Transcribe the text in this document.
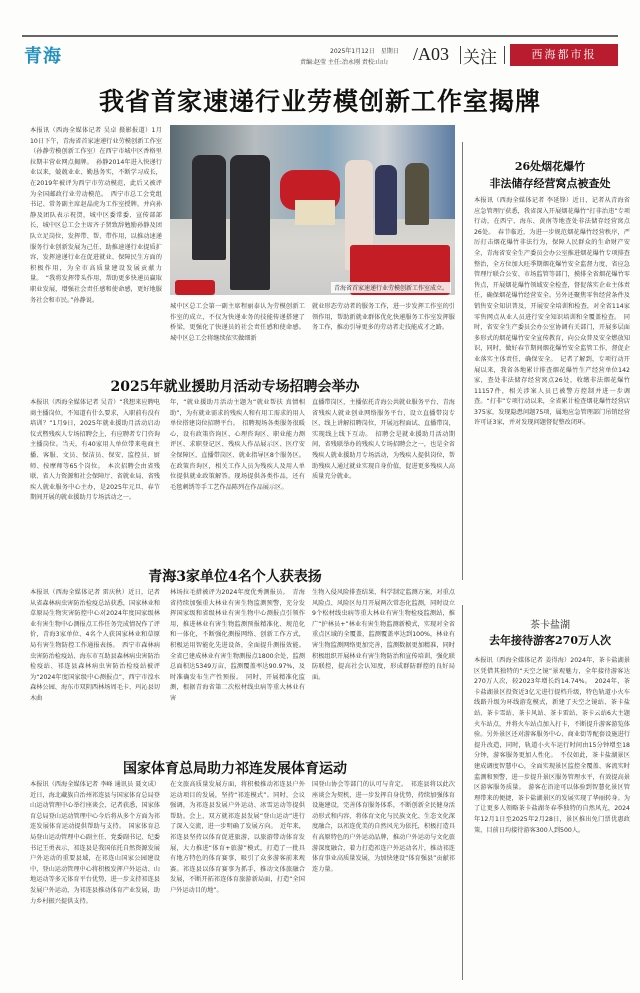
青海	2025年1月12日　星期日
责编:赵莹 主任:冶永刚 责校:山山	/A03 关注	西海都市报
我省首家速递行业劳模创新工作室揭牌
本报讯（西海全媒体记者 吴卓 摄影报道）1月10日下午，青海省首家速递行业劳模创新工作室（孙静劳模创新工作室）在西宁市城中区香格里拉期丰营业网点揭牌。　孙静2014年进入快递行业以来，兢兢业业、勤恳务实，不断学习成长，在2019年被评为西宁市劳动模范，此后又被评为全国邮政行业劳动模范。　西宁市总工会党组书记、常务副主席赵晶虎为工作室授牌，并向孙静及团队表示祝贺，城中区委常委、宣传部部长、城中区总工会主席齐子贤致辞勉励孙静及团队立足岗位，发挥带、帮、带作用，以推动速递服务行业创新发展为己任，助推速递行业提质扩容，发挥速递行业在促进就业、保障民生方面的积极作用，为全市高质量建设发展贡献力量。　“我将发挥带头作用，帮助更多快递员赢取职业发展，增强社会责任感和使命感，更好地服务社会和市民。”孙静说。
青海省首家速递行业劳模创新工作室成立。
城中区总工会第一副主席程丽泰认为劳模创新工作室的成立，不仅为快递业务的技能传递搭建了桥梁，更强化了快递员的社会责任感和使命感。城中区总工会将继续依实做细新
就业形态劳动者的服务工作，进一步发挥工作室的引领作用，帮助新就业群体优化快递服务工作室发挥服务工作，推动引导更多的劳动者走技能成才之路。
2025年就业援助月活动专场招聘会举办
本报讯（西海全媒体记者 吴青）“我想来应聘电商主播岗位，不知道有什么要求，入职前有没有培训？”1月9日，2025年就业援助月活动启动仪式暨残疾人专场招聘会上，有应聘者专门咨询主播岗位。当天，有40家用人单位带来电商主播、客服、文员、保洁员、保安、监控员、厨师、按摩师等65个岗位。　本次招聘会由省残联、省人力资源和社会保障厅、省就业局、省残疾人就业服务中心主办，是2025年元旦、春节期间开展的就业援助月专场活动之一。
年，“就业援助月活动主题为“就业帮扶 真情相助”，为有就业需求的残疾人和有用工需求的用人单位搭建岗位招聘平台。　招聘现场各类服务很暖心，设有政策咨询区、心理咨询区、职业能力测评区、求职登记区、残疾人作品展示区、医疗安全保障区、直播带岗区、就业指导区8个服务区。在政策咨询区，相关工作人员为残疾人及用人单位提供就业政策解答。现场提供各类作品，还有毛毯刺绣等手工艺作品陈列在作品展示区。
直播带岗区，主播依托青海公共就业服务平台、青海省残疾人就业创业网络服务平台，设立直播带岗专区，线上讲解招聘岗位，开展远程面试、直播带岗，实现线上线下互动。　招聘会是就业援助月活动期间，省残联举办的残疾人专场招聘会之一，也是全省残疾人就业援助月专场活动，为残疾人提供岗位，帮助残疾人通过就业实现自身价值，促进更多残疾人高质量充分就业。
青海3家单位4名个人获表扬
本报讯（西海全媒体记者 雷庆秋）近日，记者从省森林病虫害防治检疫总站获悉，国家林业和草原局生物灾害防控中心对2024年度国家级林业有害生物中心测报点工作任务完成情况作了评价，青海3家单位、4名个人获国家林业和草原局有害生物防控工作通报表扬。　西宁市森林病虫害防治检疫站、海东市互助县森林病虫害防治检疫站、祁连县森林病虫害防治检疫站被评为“2024年度国家级中心测报点”，西宁市湟水森林公园、海东市双阴西林场周毛卡、玛沁县切木曲
林场拉毛措被评为2024年度优秀测报员。　青海省持续加强重大林业有害生物监测预警，充分发挥国家级和省级林业有害生物中心测报点引领作用，推进林业有害生物监测预报精准化、规范化和一体化，不断强化测报网络、创新工作方式，积极运用智能化先进设备，全面提升测报效能。全省已建成林业有害生物测报点1800余处，监测总面积达5349万亩，监测覆盖率达90.97%，及时准确发布生产性预报。　同时，开展精准化监测，根据青海省第二次松材线虫病等重大林业有害
生物入侵风险排查结果，科学制定监测方案，对重点风险点、风险区每月开展两次常态化监测，同时设立9个松材线虫病等重大林业有害生物检疫监测站，推广“护林员+”林业有害生物监测新模式，实现对全省重点区域的全覆盖，监测覆盖率达到100%，林业有害生物监测网络更加完善，监测数据更加精准，同时积极组织开展林业有害生物防治和宣传培训，强化联防联控，提高社会认知度，形成群防群控的良好局面。
国家体育总局助力祁连发展体育运动
本报讯（西海全媒体记者 李峰 通讯员 聂文成）近日，海北藏族自治州祁连县与国家体育总局登山运动管理中心举行座谈会，记者获悉，国家体育总局登山运动管理中心今后将从多个方面为祁连发展体育运动提供帮助与支持。　国家体育总局登山运动管理中心副主任、党委副书记、纪委书记王勇表示，祁连县是我国依托自然资源发展户外运动的重要县域，在祁连山国家公园建设中，登山运动管理中心将积极发挥户外运动、山地运动等多元体育平台优势，进一步支持祁连县发展户外运动，为祁连县推动体育产业发展，助力乡村振兴提供支持。
在文旅高质量发展方面，将积极推动祁连县户外运动项目的发展，坚持“祁连模式”。同时，会议强调，为祁连县发展户外运动、冰雪运动等提供帮助。会上，双方就祁连县发展“登山运动”进行了深入交流，进一步明确了发展方向。　近年来，祁连县坚持以体育促进旅游，以旅游带动体育发展，大力推进“体育+旅游”模式，打造了一批具有地方特色的体育赛事，吸引了众多游客前来观赛。祁连县以体育赛事为抓手，推动文体旅融合发展，不断开拓祁连体育旅游新局面，打造“全国户外运动目的地”。
国登山协会等部门的认可与肯定。　祁连县将以此次座谈会为契机，进一步发挥自身优势，持续加强体育设施建设，完善体育服务体系，不断创新全民健身活动形式和内容，将体育文化与民族文化、生态文化深度融合，以祁连优美的自然风光为依托，积极打造具有高原特色的户外运动品牌，推动户外运动与文化旅游深度融合，着力打造祁连户外运动名片，推动祁连体育事业高质量发展，为加快建设“体育强县”贡献祁连力量。
26处烟花爆竹
非法储存经营窝点被查处
本报讯（西海全媒体记者 李延锋）近日，记者从青海省应急管理厅获悉，我省深入开展烟花爆竹“打非治违”专项行动，在西宁、海东、黄南等地查处非法储存经营窝点26处。　春节临近，为进一步规范烟花爆竹经营秩序，严厉打击烟花爆竹非法行为，保障人民群众的生命财产安全，青海省安全生产委员会办公室推进烟花爆竹专项排查整治，全方位加大旺季期烟花爆竹安全监督力度，省应急管理厅联合公安、市场监管等部门，摸排全省烟花爆竹零售点，开展烟花爆竹领域安全检查，督促落实企业主体责任，确保烟花爆竹经营安全。另外还聚焦零售经营条件及销售安全知识普及，开展安全培训和检查，对全省114家零售网点从业人员进行安全知识培训和全覆盖检查。　同时，省安全生产委员会办公室协调有关部门，开展多层面多形式的烟花爆竹安全宣传教育，向公众普及安全燃放知识，同时，做好春节期间烟花爆竹安全监管工作，督促企业落实主体责任，确保安全。　记者了解到，专项行动开展以来，我省各地累计排查烟花爆竹生产经营单位142家，查处非法储存经营窝点26处，收缴非法烟花爆竹11157件，相关涉案人员已被警方控制并进一步调查。“打非”专项行动以来，全省累计检查烟花爆竹经营店375家，发现隐患问题75项，属地应急管理部门吊销经营许可证3家，并对发现问题督促整改闭环。
茶卡盐湖
去年接待游客270万人次
本报讯（西海全媒体记者 姜得海）2024年，茶卡盐湖景区凭借其独特的“天空之镜”景观魅力，全年接待游客达270万人次，较2023年增长约14.74%。　2024年，茶卡盐湖景区投资近3亿元进行提档升级，特色轨道小火车线路升级为环线游览模式，新建了天空之镜站、茶卡盐站、茶卡雪站、茶卡风站、茶卡雷站、茶卡云站6大主题火车站点，并将火车站点加入打卡，不断提升游客游览体验。另外景区还对游客服务中心、商业街等配套设施进行提升改造，同时，轨道小火车运行时间由15分钟增至18分钟，游客服务更加人性化。　不仅如此，茶卡盐湖景区建成调度智慧中心，全面实现景区监控全覆盖、客流实时监测和预警，进一步提升景区服务管理水平，有效提高景区游客服务质量。　游客在沿途可以体验到智慧化景区管理带来的便捷，茶卡盐湖景区的发展实现了华丽转身。为了让更多人领略茶卡盐湖冬春季独特的自然风光，2024年12月1日至2025年2月28日，景区推出免门票优惠政策，目前日均接待游客300人到500人。
